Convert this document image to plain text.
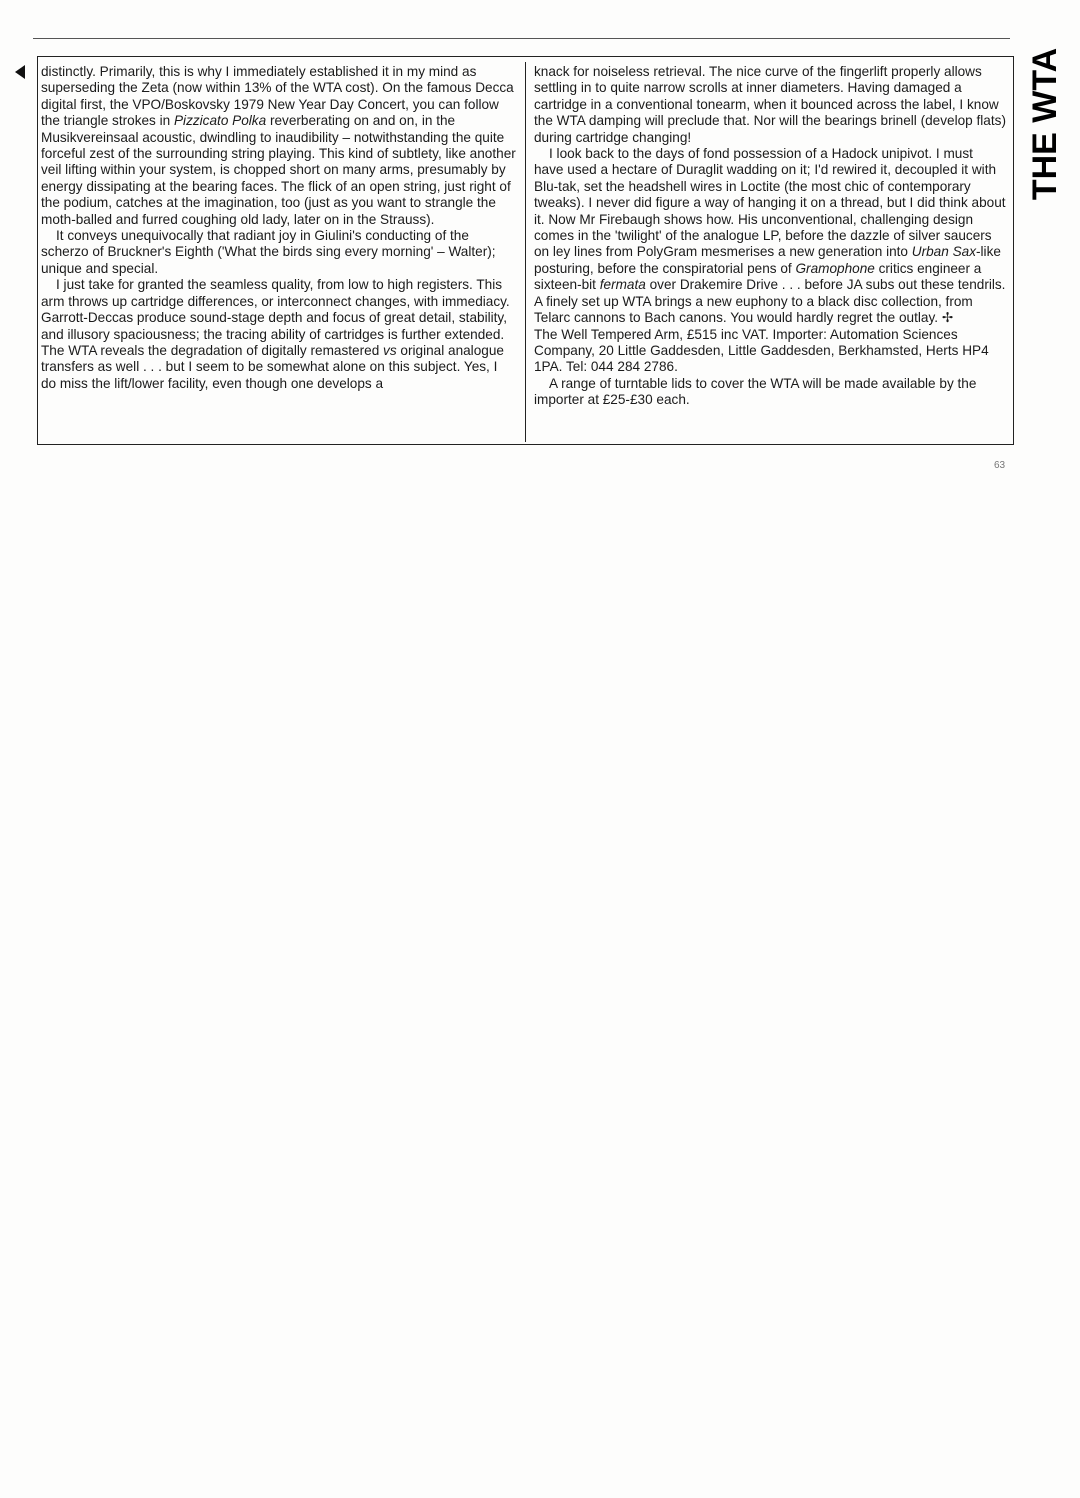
distinctly. Primarily, this is why I immediately established it in my mind as superseding the Zeta (now within 13% of the WTA cost). On the famous Decca digital first, the VPO/Boskovsky 1979 New Year Day Concert, you can follow the triangle strokes in Pizzicato Polka reverberating on and on, in the Musikvereinsaal acoustic, dwindling to inaudibility – notwithstanding the quite forceful zest of the surrounding string playing. This kind of subtlety, like another veil lifting within your system, is chopped short on many arms, presumably by energy dissipating at the bearing faces. The flick of an open string, just right of the podium, catches at the imagination, too (just as you want to strangle the moth-balled and furred coughing old lady, later on in the Strauss).

It conveys unequivocally that radiant joy in Giulini's conducting of the scherzo of Bruckner's Eighth ('What the birds sing every morning' – Walter); unique and special.

I just take for granted the seamless quality, from low to high registers. This arm throws up cartridge differences, or interconnect changes, with immediacy. Garrott-Deccas produce sound-stage depth and focus of great detail, stability, and illusory spaciousness; the tracing ability of cartridges is further extended. The WTA reveals the degradation of digitally remastered vs original analogue transfers as well . . . but I seem to be somewhat alone on this subject. Yes, I do miss the lift/lower facility, even though one develops a

knack for noiseless retrieval. The nice curve of the fingerlift properly allows settling in to quite narrow scrolls at inner diameters. Having damaged a cartridge in a conventional tonearm, when it bounced across the label, I know the WTA damping will preclude that. Nor will the bearings brinell (develop flats) during cartridge changing!

I look back to the days of fond possession of a Hadock unipivot. I must have used a hectare of Duraglit wadding on it; I'd rewired it, decoupled it with Blu-tak, set the headshell wires in Loctite (the most chic of contemporary tweaks). I never did figure a way of hanging it on a thread, but I did think about it. Now Mr Firebaugh shows how. His unconventional, challenging design comes in the 'twilight' of the analogue LP, before the dazzle of silver saucers on ley lines from PolyGram mesmerises a new generation into Urban Sax-like posturing, before the conspiratorial pens of Gramophone critics engineer a sixteen-bit fermata over Drakemire Drive . . . before JA subs out these tendrils. A finely set up WTA brings a new euphony to a black disc collection, from Telarc cannons to Bach canons. You would hardly regret the outlay. ✢

The Well Tempered Arm, £515 inc VAT. Importer: Automation Sciences Company, 20 Little Gaddesden, Little Gaddesden, Berkhamsted, Herts HP4 1PA. Tel: 044 284 2786.

A range of turntable lids to cover the WTA will be made available by the importer at £25-£30 each.

THE WTA
63
